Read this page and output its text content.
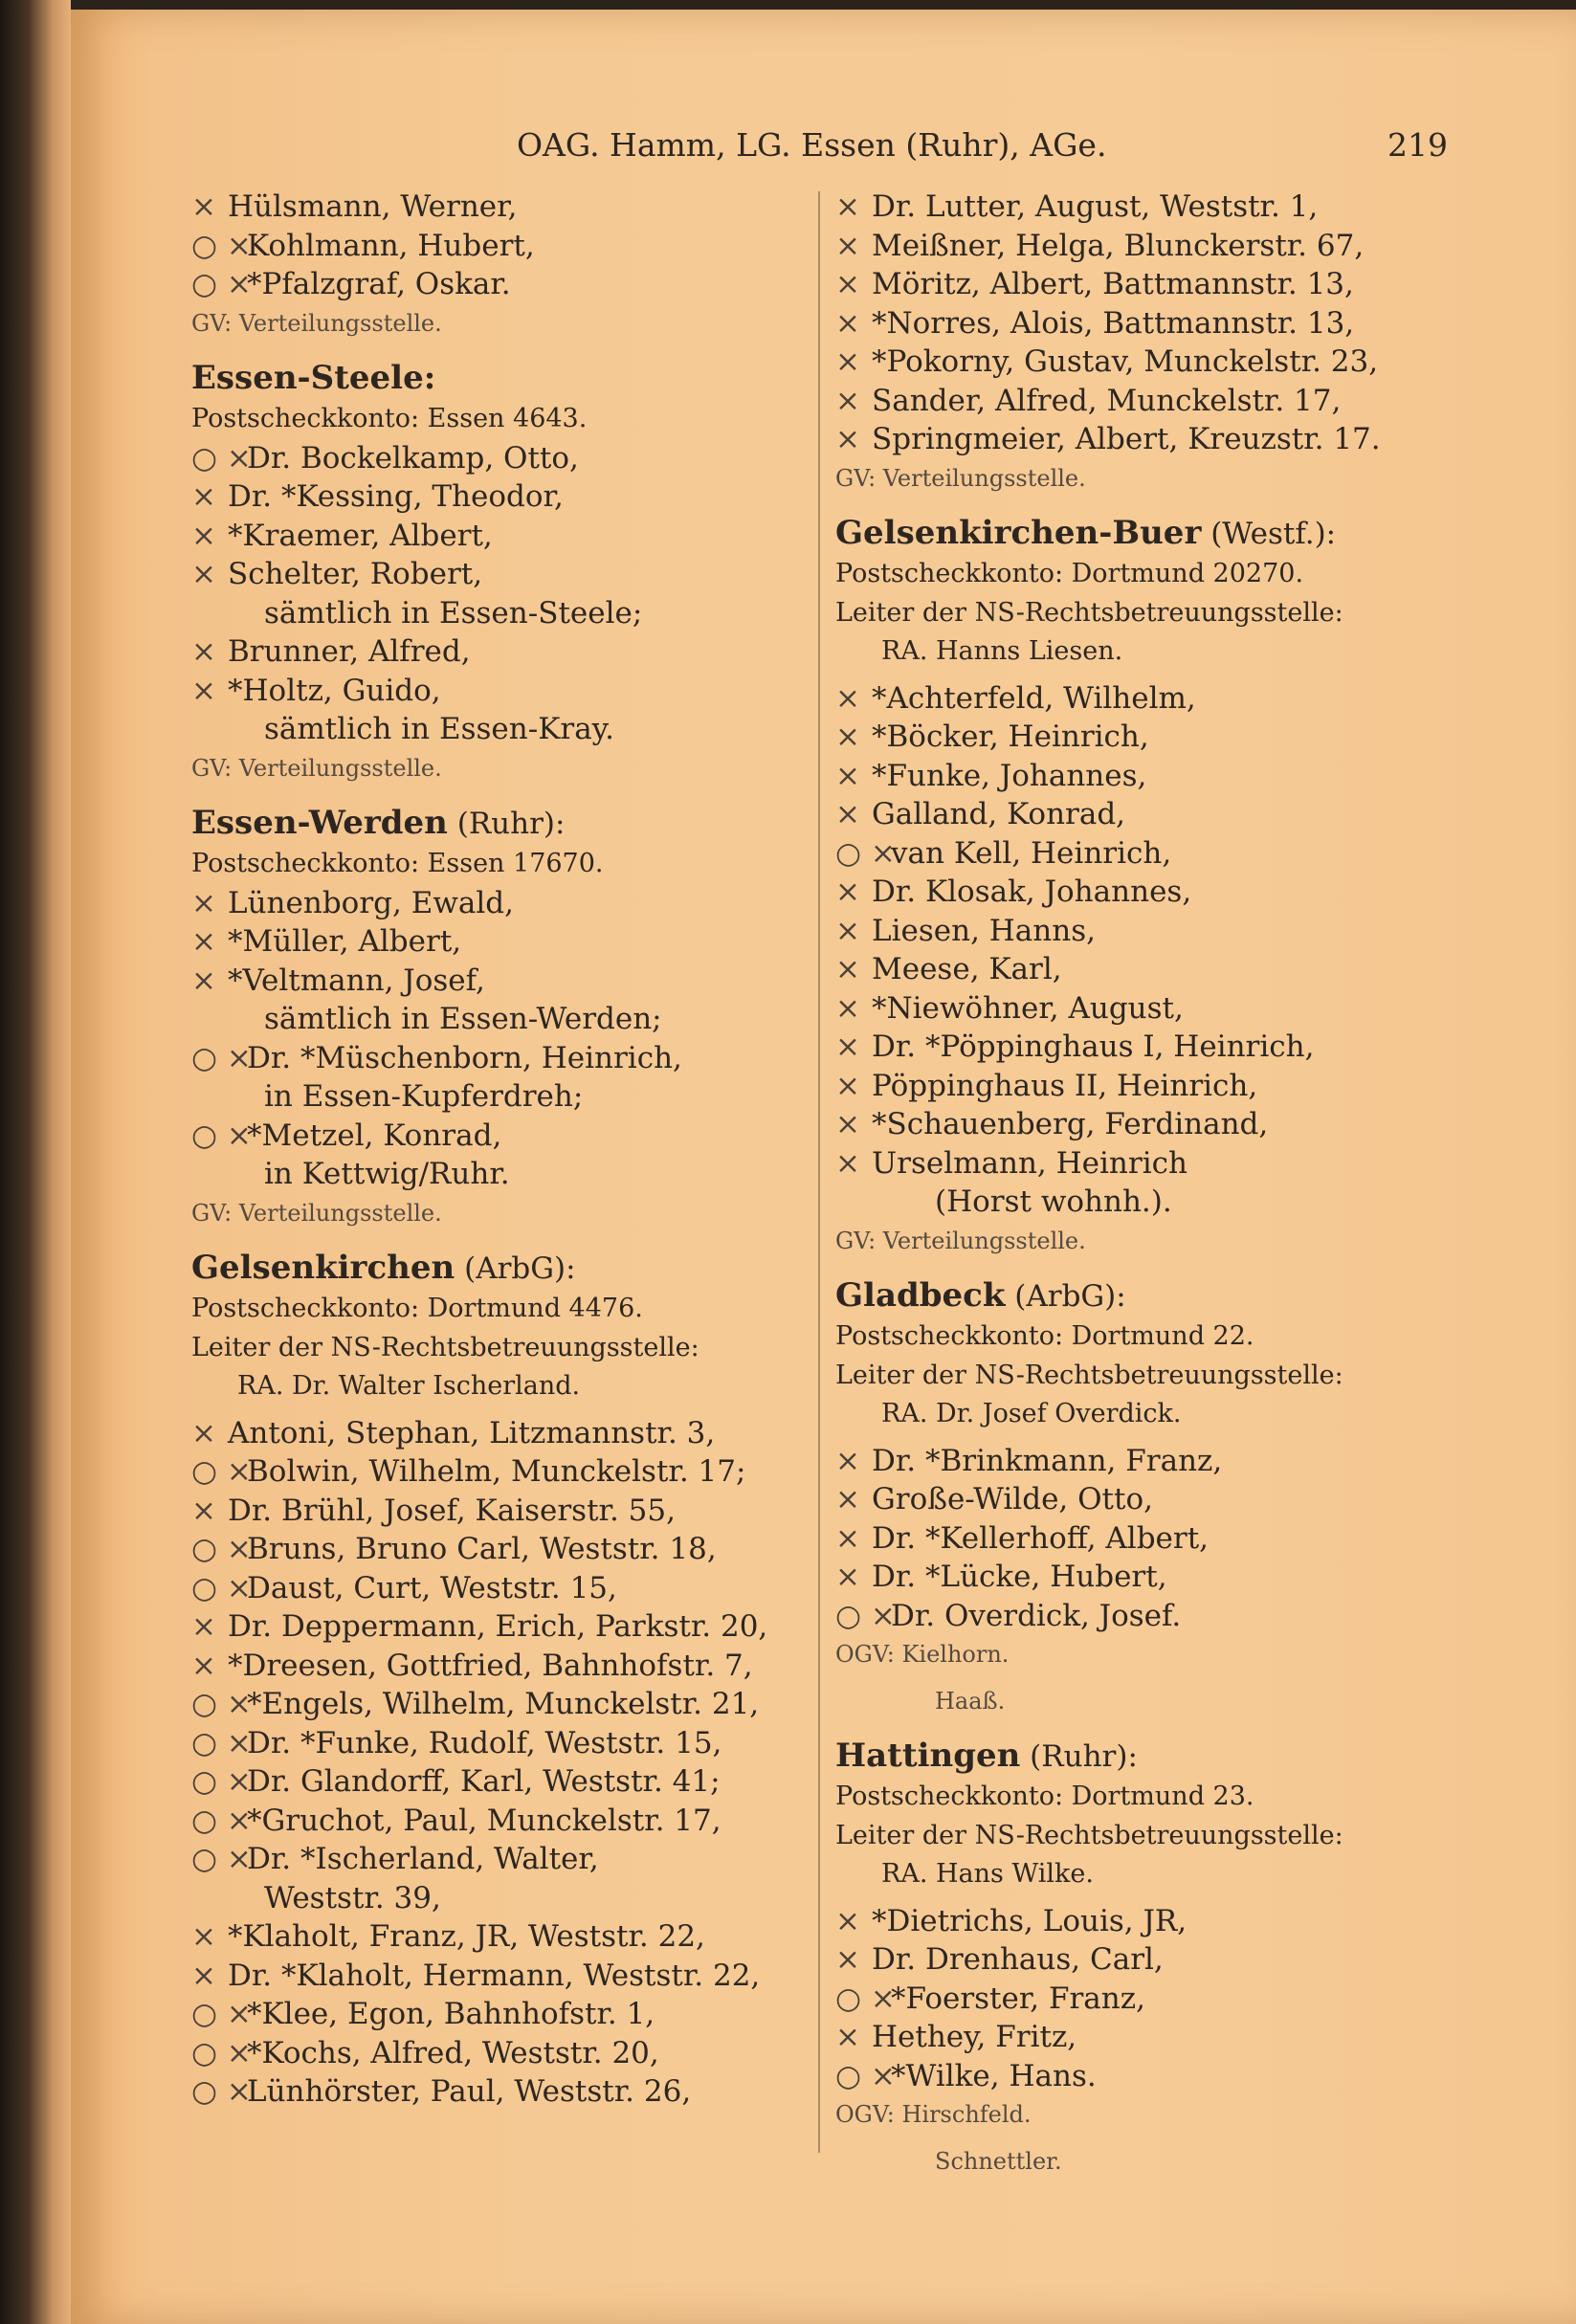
OAG. Hamm, LG. Essen (Ruhr), AGe.	219
× Hülsmann, Werner,
○ ×Kohlmann, Hubert,
○ ×*Pfalzgraf, Oskar.
GV: Verteilungsstelle.
Essen-Steele:
Postscheckkonto: Essen 4643.
○ ×Dr. Bockelkamp, Otto,
× Dr. *Kessing, Theodor,
× *Kraemer, Albert,
× Schelter, Robert,
sämtlich in Essen-Steele;
× Brunner, Alfred,
× *Holtz, Guido,
sämtlich in Essen-Kray.
GV: Verteilungsstelle.
Essen-Werden (Ruhr):
Postscheckkonto: Essen 17670.
× Lünenborg, Ewald,
× *Müller, Albert,
× *Veltmann, Josef,
sämtlich in Essen-Werden;
○ ×Dr. *Müschenborn, Heinrich,
in Essen-Kupferdreh;
○ ×*Metzel, Konrad,
in Kettwig/Ruhr.
GV: Verteilungsstelle.
Gelsenkirchen (ArbG):
Postscheckkonto: Dortmund 4476.
Leiter der NS-Rechtsbetreuungsstelle:
RA. Dr. Walter Ischerland.
× Antoni, Stephan, Litzmannstr. 3,
○ ×Bolwin, Wilhelm, Munckelstr. 17;
× Dr. Brühl, Josef, Kaiserstr. 55,
○ ×Bruns, Bruno Carl, Weststr. 18,
○ ×Daust, Curt, Weststr. 15,
× Dr. Deppermann, Erich, Parkstr. 20,
× *Dreesen, Gottfried, Bahnhofstr. 7,
○ ×*Engels, Wilhelm, Munckelstr. 21,
○ ×Dr. *Funke, Rudolf, Weststr. 15,
○ ×Dr. Glandorff, Karl, Weststr. 41;
○ ×*Gruchot, Paul, Munckelstr. 17,
○ ×Dr. *Ischerland, Walter,
Weststr. 39,
× *Klaholt, Franz, JR, Weststr. 22,
× Dr. *Klaholt, Hermann, Weststr. 22,
○ ×*Klee, Egon, Bahnhofstr. 1,
○ ×*Kochs, Alfred, Weststr. 20,
○ ×Lünhörster, Paul, Weststr. 26,
× Dr. Lutter, August, Weststr. 1,
× Meißner, Helga, Blunckerstr. 67,
× Möritz, Albert, Battmannstr. 13,
× *Norres, Alois, Battmannstr. 13,
× *Pokorny, Gustav, Munckelstr. 23,
× Sander, Alfred, Munckelstr. 17,
× Springmeier, Albert, Kreuzstr. 17.
GV: Verteilungsstelle.
Gelsenkirchen-Buer (Westf.):
Postscheckkonto: Dortmund 20270.
Leiter der NS-Rechtsbetreuungsstelle:
RA. Hanns Liesen.
× *Achterfeld, Wilhelm,
× *Böcker, Heinrich,
× *Funke, Johannes,
× Galland, Konrad,
○ ×van Kell, Heinrich,
× Dr. Klosak, Johannes,
× Liesen, Hanns,
× Meese, Karl,
× *Niewöhner, August,
× Dr. *Pöppinghaus I, Heinrich,
× Pöppinghaus II, Heinrich,
× *Schauenberg, Ferdinand,
× Urselmann, Heinrich
(Horst wohnh.).
GV: Verteilungsstelle.
Gladbeck (ArbG):
Postscheckkonto: Dortmund 22.
Leiter der NS-Rechtsbetreuungsstelle:
RA. Dr. Josef Overdick.
× Dr. *Brinkmann, Franz,
× Große-Wilde, Otto,
× Dr. *Kellerhoff, Albert,
× Dr. *Lücke, Hubert,
○ ×Dr. Overdick, Josef.
OGV: Kielhorn.
Haaß.
Hattingen (Ruhr):
Postscheckkonto: Dortmund 23.
Leiter der NS-Rechtsbetreuungsstelle:
RA. Hans Wilke.
× *Dietrichs, Louis, JR,
× Dr. Drenhaus, Carl,
○ ×*Foerster, Franz,
× Hethey, Fritz,
○ ×*Wilke, Hans.
OGV: Hirschfeld.
Schnettler.
